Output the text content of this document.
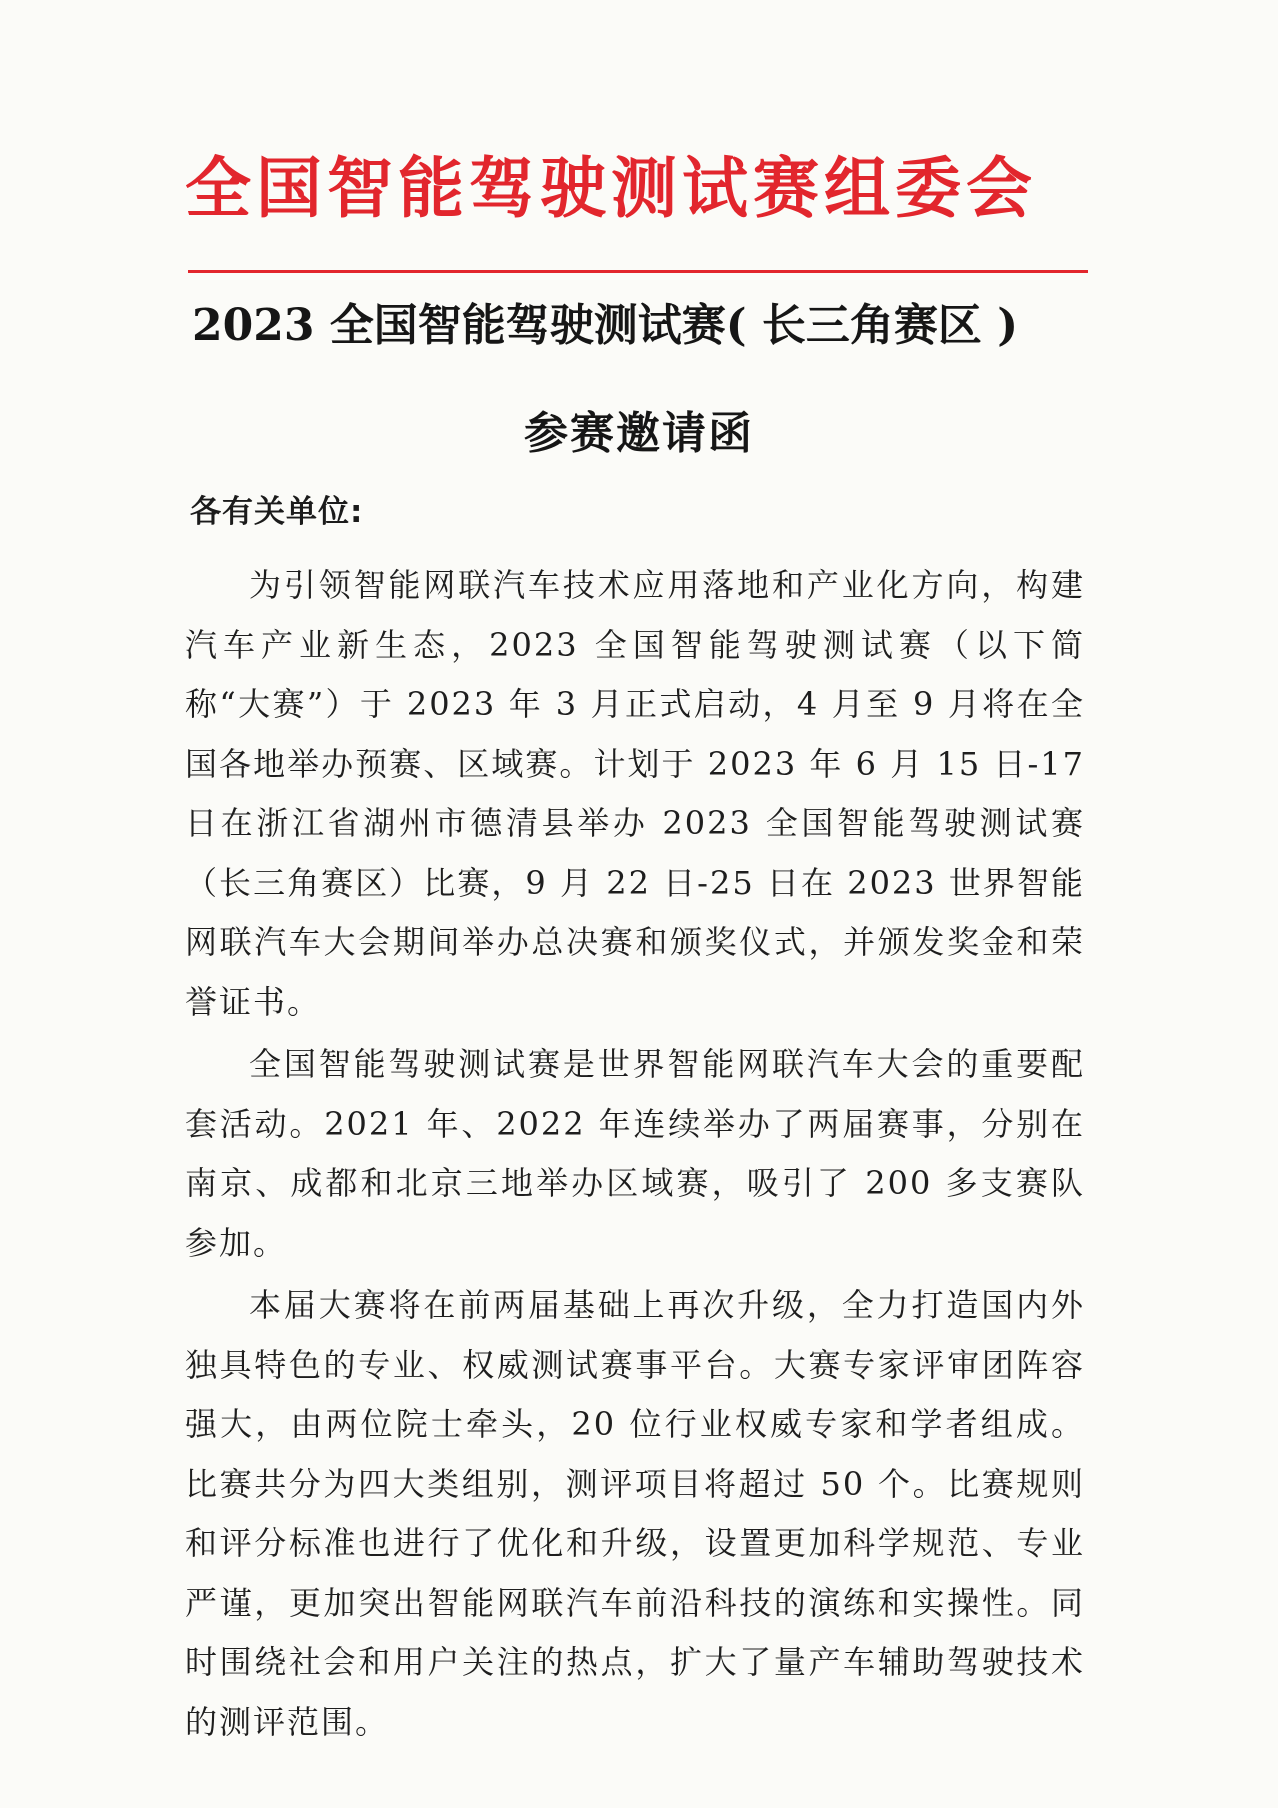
全国智能驾驶测试赛组委会
2023 全国智能驾驶测试赛( 长三角赛区 )
参赛邀请函
各有关单位:

为引领智能网联汽车技术应用落地和产业化方向，构建汽车产业新生态，2023 全国智能驾驶测试赛（以下简称“大赛”）于 2023 年 3 月正式启动，4 月至 9 月将在全国各地举办预赛、区域赛。计划于 2023 年 6 月 15 日-17 日在浙江省湖州市德清县举办 2023 全国智能驾驶测试赛（长三角赛区）比赛，9 月 22 日-25 日在 2023 世界智能网联汽车大会期间举办总决赛和颁奖仪式，并颁发奖金和荣誉证书。

全国智能驾驶测试赛是世界智能网联汽车大会的重要配套活动。2021 年、2022 年连续举办了两届赛事，分别在南京、成都和北京三地举办区域赛，吸引了 200 多支赛队参加。

本届大赛将在前两届基础上再次升级，全力打造国内外独具特色的专业、权威测试赛事平台。大赛专家评审团阵容强大，由两位院士牵头，20 位行业权威专家和学者组成。比赛共分为四大类组别，测评项目将超过 50 个。比赛规则和评分标准也进行了优化和升级，设置更加科学规范、专业严谨，更加突出智能网联汽车前沿科技的演练和实操性。同时围绕社会和用户关注的热点，扩大了量产车辅助驾驶技术的测评范围。
